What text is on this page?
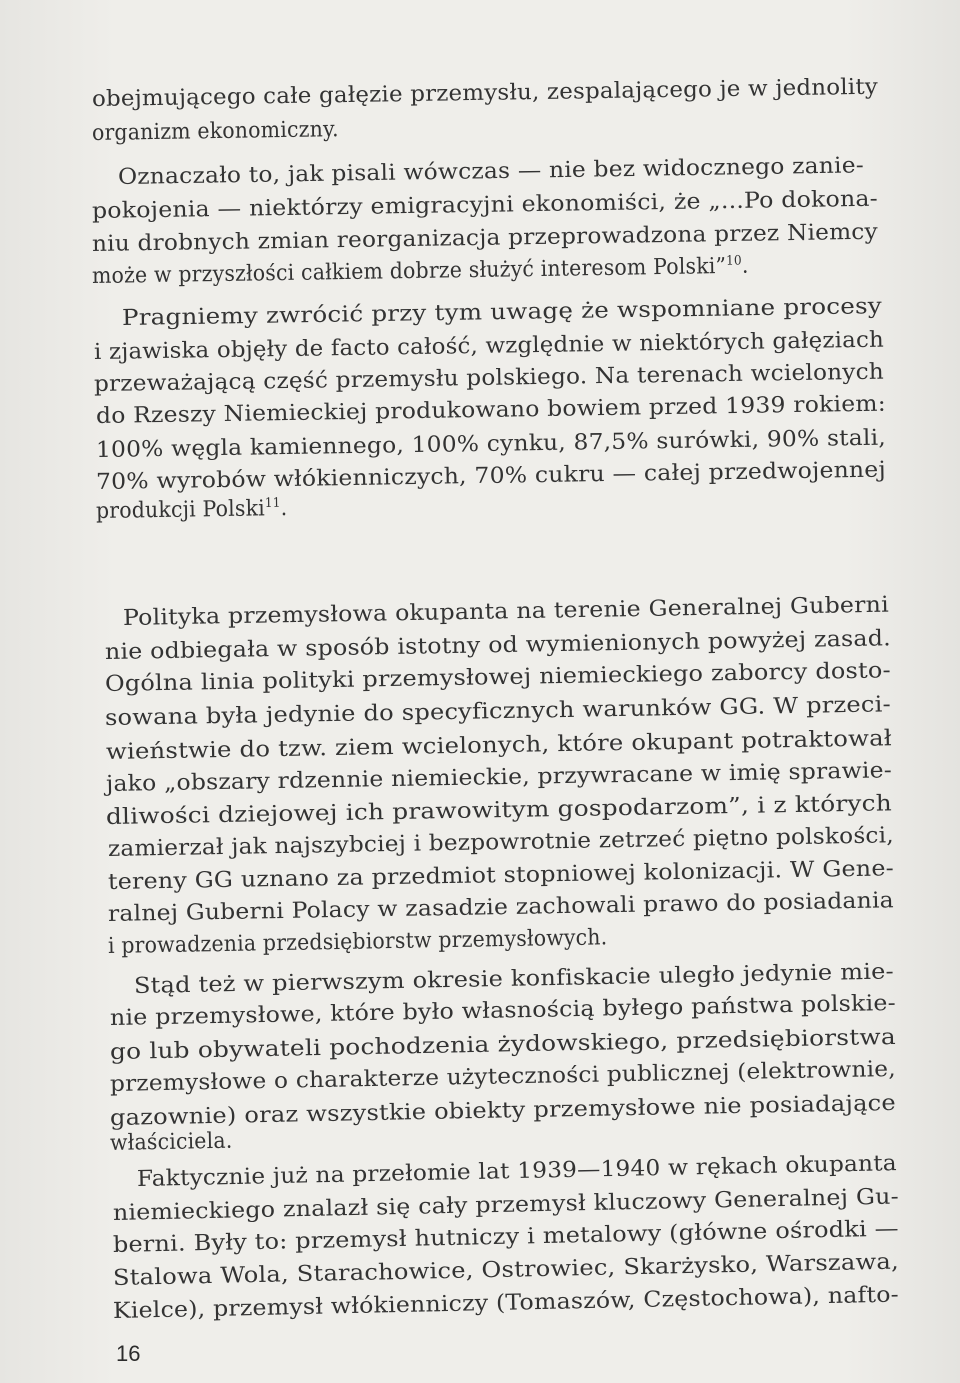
obejmującego całe gałęzie przemysłu, zespalającego je w jednolity

organizm ekonomiczny.

Oznaczało to, jak pisali wówczas — nie bez widocznego zanie-

pokojenia — niektórzy emigracyjni ekonomiści, że „...Po dokona-

niu drobnych zmian reorganizacja przeprowadzona przez Niemcy

może w przyszłości całkiem dobrze służyć interesom Polski”$^{10}$.

Pragniemy zwrócić przy tym uwagę że wspomniane procesy

i zjawiska objęły de facto całość, względnie w niektórych gałęziach

przeważającą część przemysłu polskiego. Na terenach wcielonych

do Rzeszy Niemieckiej produkowano bowiem przed 1939 rokiem:

100% węgla kamiennego, 100% cynku, 87,5% surówki, 90% stali,

70% wyrobów włókienniczych, 70% cukru — całej przedwojennej

produkcji Polski$^{11}$.

Polityka przemysłowa okupanta na terenie Generalnej Guberni

nie odbiegała w sposób istotny od wymienionych powyżej zasad.

Ogólna linia polityki przemysłowej niemieckiego zaborcy dosto-

sowana była jedynie do specyficznych warunków GG. W przeci-

wieństwie do tzw. ziem wcielonych, które okupant potraktował

jako „obszary rdzennie niemieckie, przywracane w imię sprawie-

dliwości dziejowej ich prawowitym gospodarzom”, i z których

zamierzał jak najszybciej i bezpowrotnie zetrzeć piętno polskości,

tereny GG uznano za przedmiot stopniowej kolonizacji. W Gene-

ralnej Guberni Polacy w zasadzie zachowali prawo do posiadania

i prowadzenia przedsiębiorstw przemysłowych.

Stąd też w pierwszym okresie konfiskacie uległo jedynie mie-

nie przemysłowe, które było własnością byłego państwa polskie-

go lub obywateli pochodzenia żydowskiego, przedsiębiorstwa

przemysłowe o charakterze użyteczności publicznej (elektrownie,

gazownie) oraz wszystkie obiekty przemysłowe nie posiadające

właściciela.

Faktycznie już na przełomie lat 1939—1940 w rękach okupanta

niemieckiego znalazł się cały przemysł kluczowy Generalnej Gu-

berni. Były to: przemysł hutniczy i metalowy (główne ośrodki —

Stalowa Wola, Starachowice, Ostrowiec, Skarżysko, Warszawa,

Kielce), przemysł włókienniczy (Tomaszów, Częstochowa), nafto-

16
